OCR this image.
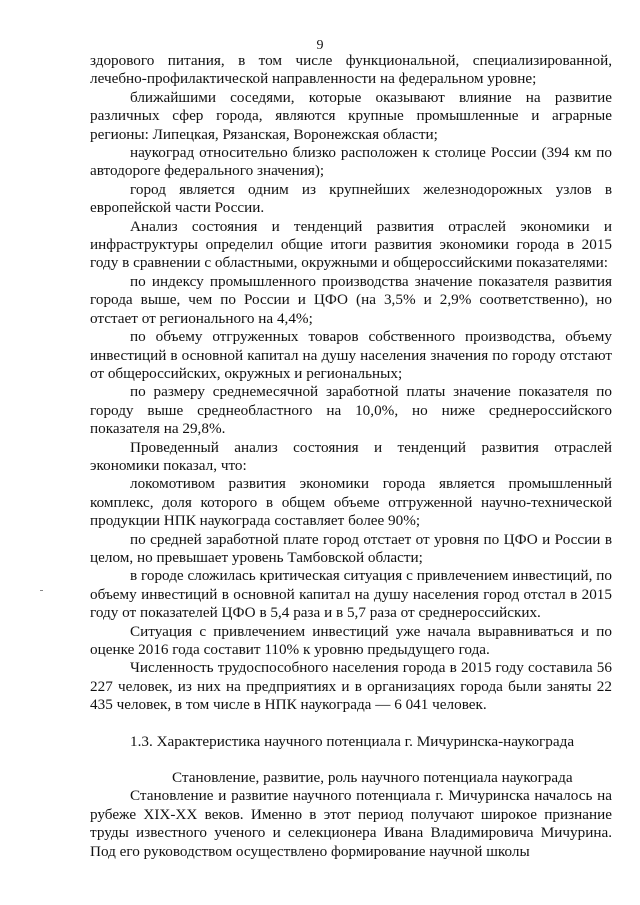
9

здорового питания, в том числе функциональной, специализированной, лечебно-профилактической направленности на федеральном уровне;

ближайшими соседями, которые оказывают влияние на развитие различных сфер города, являются крупные промышленные и аграрные регионы: Липецкая, Рязанская, Воронежская области;

наукоград относительно близко расположен к столице России (394 км по автодороге федерального значения);

город является одним из крупнейших железнодорожных узлов в европейской части России.

Анализ состояния и тенденций развития отраслей экономики и инфраструктуры определил общие итоги развития экономики города в 2015 году в сравнении с областными, окружными и общероссийскими показателями:

по индексу промышленного производства значение показателя развития города выше, чем по России и ЦФО (на 3,5% и 2,9% соответственно), но отстает от регионального на 4,4%;

по объему отгруженных товаров собственного производства, объему инвестиций в основной капитал на душу населения значения по городу отстают от общероссийских, окружных и региональных;

по размеру среднемесячной заработной платы значение показателя по городу выше среднеобластного на 10,0%, но ниже среднероссийского показателя на 29,8%.

Проведенный анализ состояния и тенденций развития отраслей экономики показал, что:

локомотивом развития экономики города является промышленный комплекс, доля которого в общем объеме отгруженной научно-технической продукции НПК наукограда составляет более 90%;

по средней заработной плате город отстает от уровня по ЦФО и России в целом, но превышает уровень Тамбовской области;

в городе сложилась критическая ситуация с привлечением инвестиций, по объему инвестиций в основной капитал на душу населения город отстал в 2015 году от показателей ЦФО в 5,4 раза и в 5,7 раза от среднероссийских.

Ситуация с привлечением инвестиций уже начала выравниваться и по оценке 2016 года составит 110% к уровню предыдущего года.

Численность трудоспособного населения города в 2015 году составила 56 227 человек, из них на предприятиях и в организациях города были заняты 22 435 человек, в том числе в НПК наукограда — 6 041 человек.

1.3. Характеристика научного потенциала г. Мичуринска-наукограда

Становление, развитие, роль научного потенциала наукограда

Становление и развитие научного потенциала г. Мичуринска началось на рубеже XIX-XX веков. Именно в этот период получают широкое признание труды известного ученого и селекционера Ивана Владимировича Мичурина. Под его руководством осуществлено формирование научной школы
